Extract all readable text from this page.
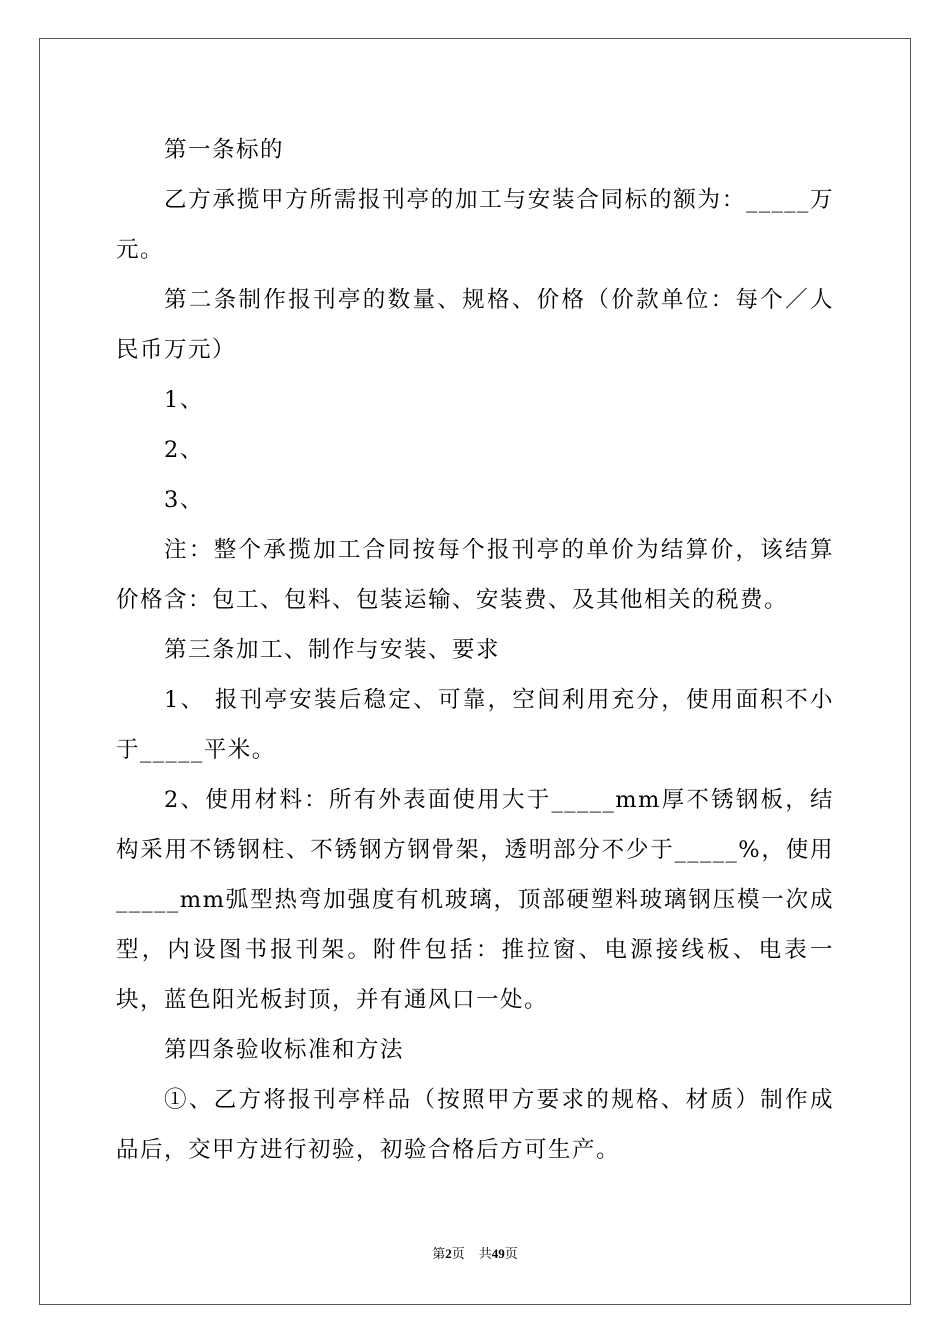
第一条标的

乙方承揽甲方所需报刊亭的加工与安装合同标的额为：_____万元。

第二条制作报刊亭的数量、规格、价格（价款单位：每个／人民币万元）

1、

2、

3、

注：整个承揽加工合同按每个报刊亭的单价为结算价，该结算价格含：包工、包料、包装运输、安装费、及其他相关的税费。

第三条加工、制作与安装、要求

1、 报刊亭安装后稳定、可靠，空间利用充分，使用面积不小于_____平米。

2、使用材料：所有外表面使用大于_____mm厚不锈钢板，结构采用不锈钢柱、不锈钢方钢骨架，透明部分不少于_____%，使用_____mm弧型热弯加强度有机玻璃，顶部硬塑料玻璃钢压模一次成型，内设图书报刊架。附件包括：推拉窗、电源接线板、电表一块，蓝色阳光板封顶，并有通风口一处。

第四条验收标准和方法

①、乙方将报刊亭样品（按照甲方要求的规格、材质）制作成品后，交甲方进行初验，初验合格后方可生产。

第2页 共49页
